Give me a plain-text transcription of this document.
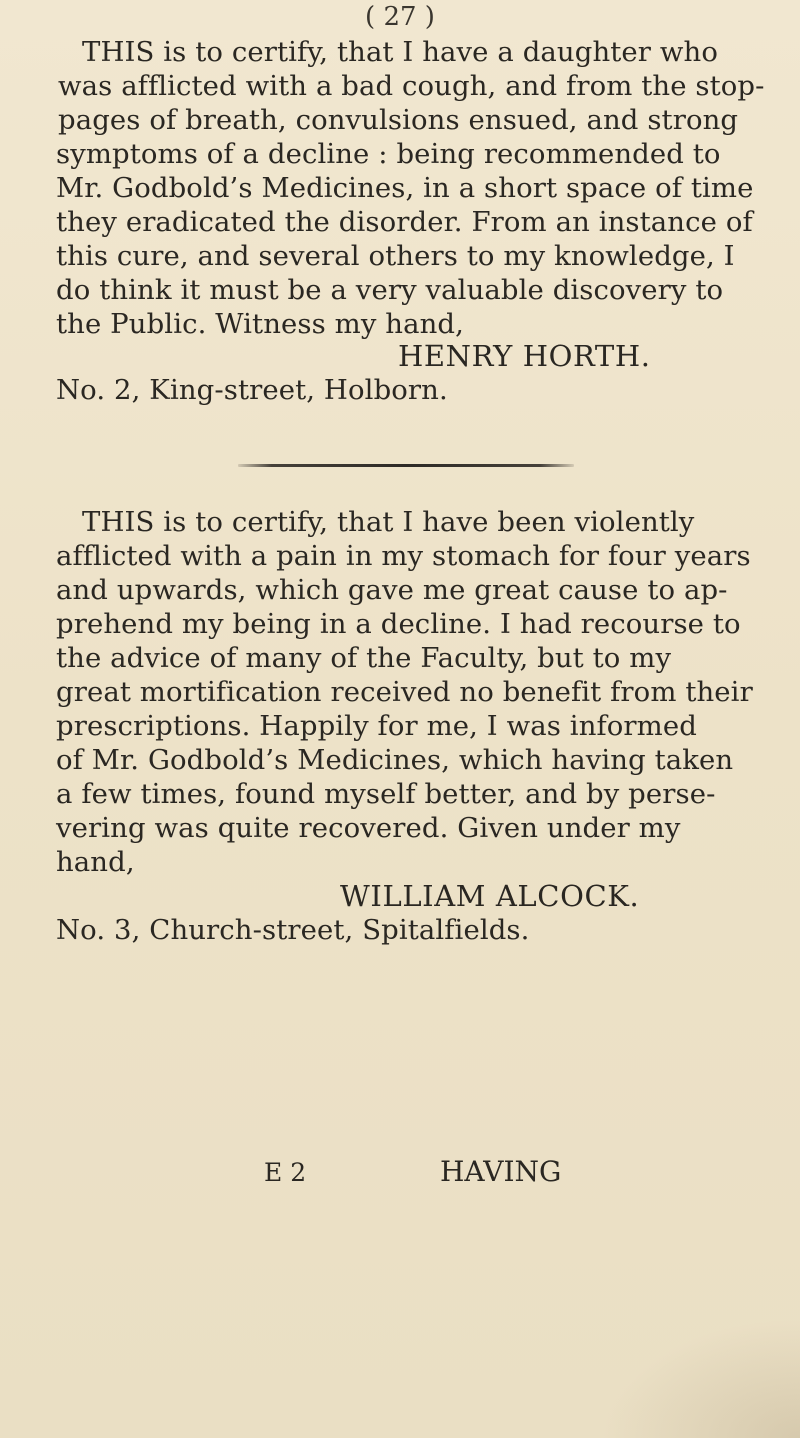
( 27 )
THIS is to certify, that I have a daughter who
was afflicted with a bad cough, and from the stop-
pages of breath, convulsions ensued, and strong
symptoms of a decline : being recommended to
Mr. Godbold’s Medicines, in a short space of time
they eradicated the disorder. From an instance of
this cure, and several others to my knowledge, I
do think it must be a very valuable discovery to
the Public. Witness my hand,
HENRY HORTH.
No. 2, King-street, Holborn.
THIS is to certify, that I have been violently
afflicted with a pain in my stomach for four years
and upwards, which gave me great cause to ap-
prehend my being in a decline. I had recourse to
the advice of many of the Faculty, but to my
great mortification received no benefit from their
prescriptions. Happily for me, I was informed
of Mr. Godbold’s Medicines, which having taken
a few times, found myself better, and by perse-
vering was quite recovered. Given under my
hand,
WILLIAM ALCOCK.
No. 3, Church-street, Spitalfields.
E 2	HAVING
